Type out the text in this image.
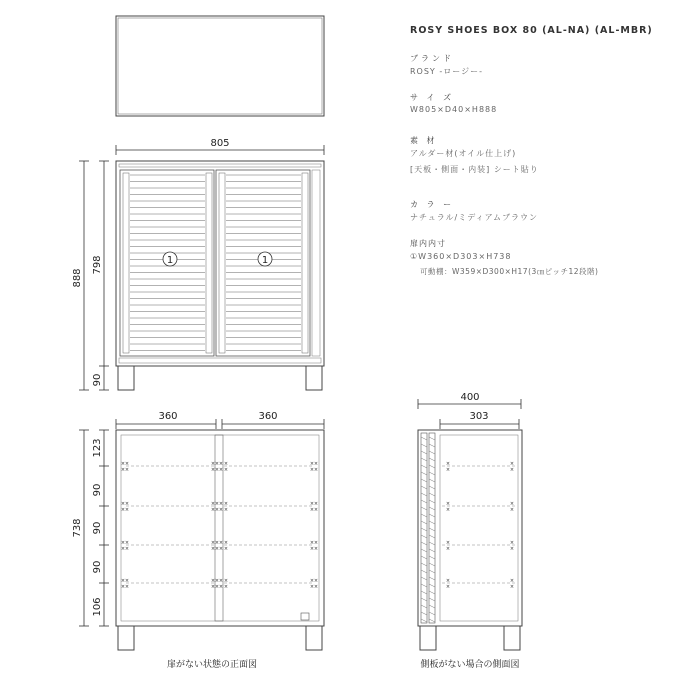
805
1	1
888
798
90
360	360
× ×	× × × ×	× ×
× ×	× × × ×	× ×
× ×	× × × ×	× ×
× ×	× × × ×	× ×
× ×	× × × ×	× ×
× ×	× × × ×	× ×
× ×	× × × ×	× ×
× ×	× × × ×	× ×
738
123
90
90
90
106
扉がない状態の正面図
400
303
×	×
×	×
×	×
×	×
×	×
×	×
×	×
×	×
側板がない場合の側面図
ROSY SHOES BOX 80 (AL-NA) (AL-MBR)
ブランド
ROSY -ロージー-
サ イ ズ
W805×D40×H888
素 材
アルダー材(オイル仕上げ)
[天板・側面・内装] シート貼り
カ ラ ー
ナチュラル/ミディアムブラウン
扉内内寸
①W360×D303×H738
可動棚：W359×D300×H17(3㎝ピッチ12段階)
